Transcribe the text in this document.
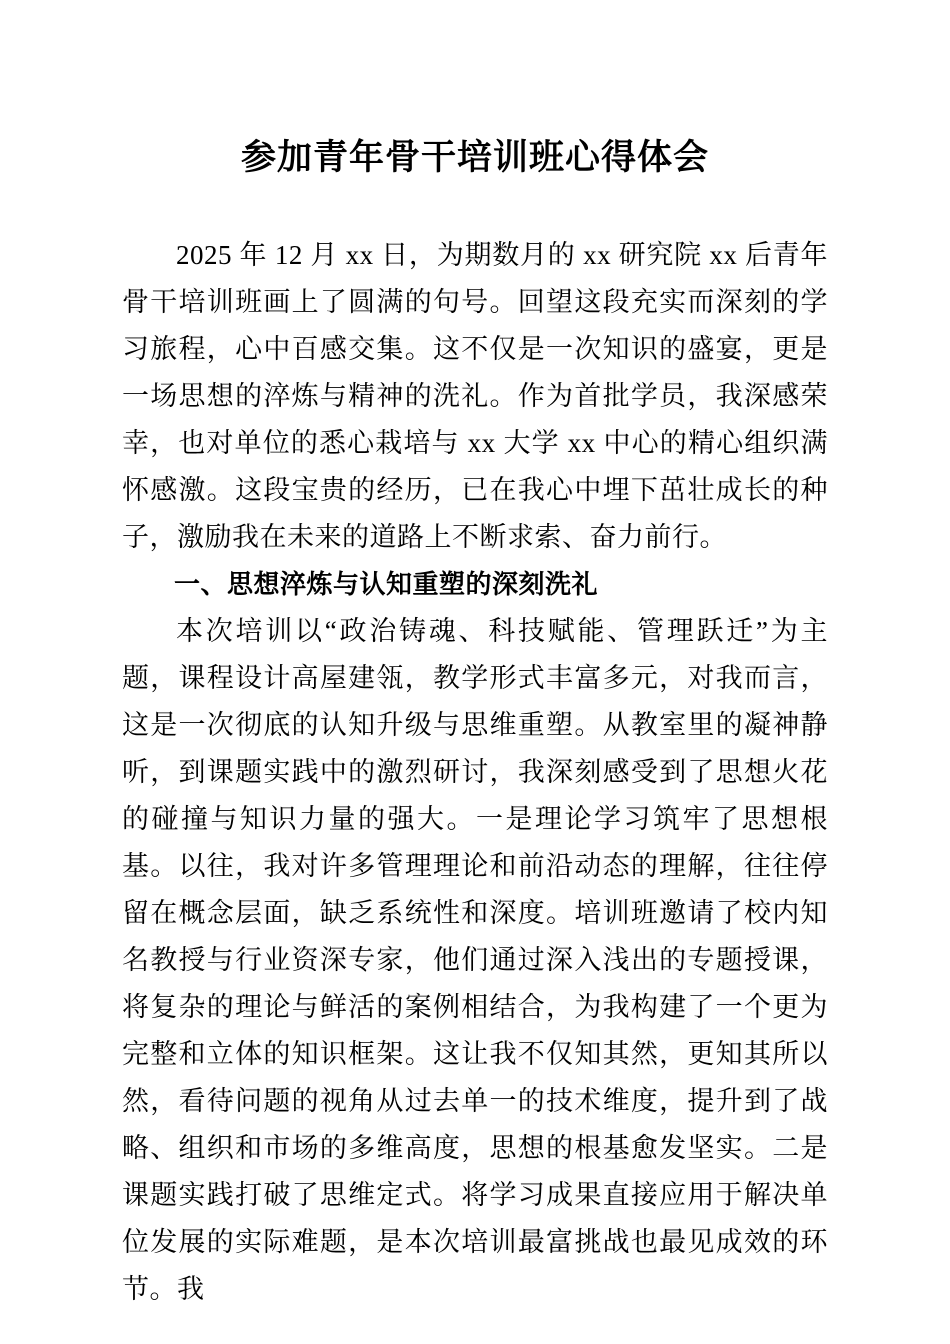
参加青年骨干培训班心得体会

2025 年 12 月 xx 日，为期数月的 xx 研究院 xx 后青年骨干培训班画上了圆满的句号。回望这段充实而深刻的学习旅程，心中百感交集。这不仅是一次知识的盛宴，更是一场思想的淬炼与精神的洗礼。作为首批学员，我深感荣幸，也对单位的悉心栽培与 xx 大学 xx 中心的精心组织满怀感激。这段宝贵的经历，已在我心中埋下茁壮成长的种子，激励我在未来的道路上不断求索、奋力前行。

一、思想淬炼与认知重塑的深刻洗礼

本次培训以“政治铸魂、科技赋能、管理跃迁”为主题，课程设计高屋建瓴，教学形式丰富多元，对我而言，这是一次彻底的认知升级与思维重塑。从教室里的凝神静听，到课题实践中的激烈研讨，我深刻感受到了思想火花的碰撞与知识力量的强大。一是理论学习筑牢了思想根基。以往，我对许多管理理论和前沿动态的理解，往往停留在概念层面，缺乏系统性和深度。培训班邀请了校内知名教授与行业资深专家，他们通过深入浅出的专题授课，将复杂的理论与鲜活的案例相结合，为我构建了一个更为完整和立体的知识框架。这让我不仅知其然，更知其所以然，看待问题的视角从过去单一的技术维度，提升到了战略、组织和市场的多维高度，思想的根基愈发坚实。二是课题实践打破了思维定式。将学习成果直接应用于解决单位发展的实际难题，是本次培训最富挑战也最见成效的环节。我
